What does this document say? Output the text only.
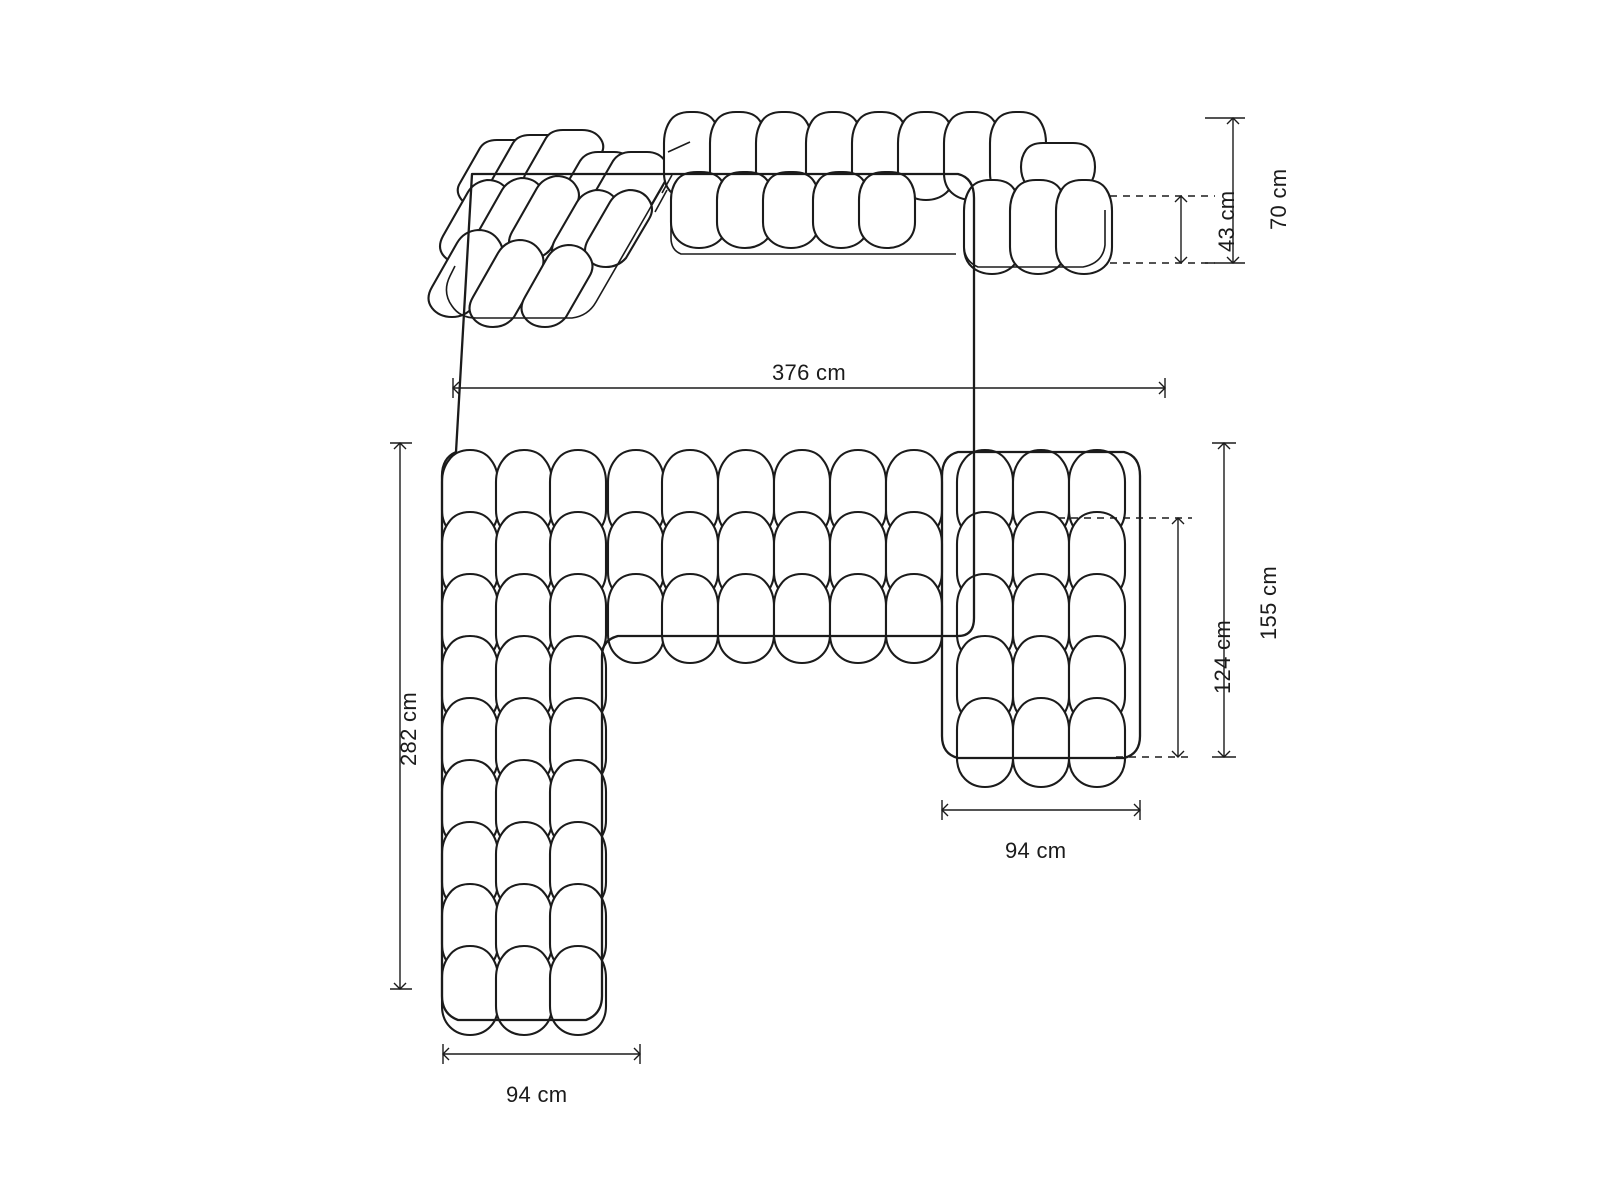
70 cm
43 cm
376 cm
282 cm
155 cm
124 cm
94 cm
94 cm
